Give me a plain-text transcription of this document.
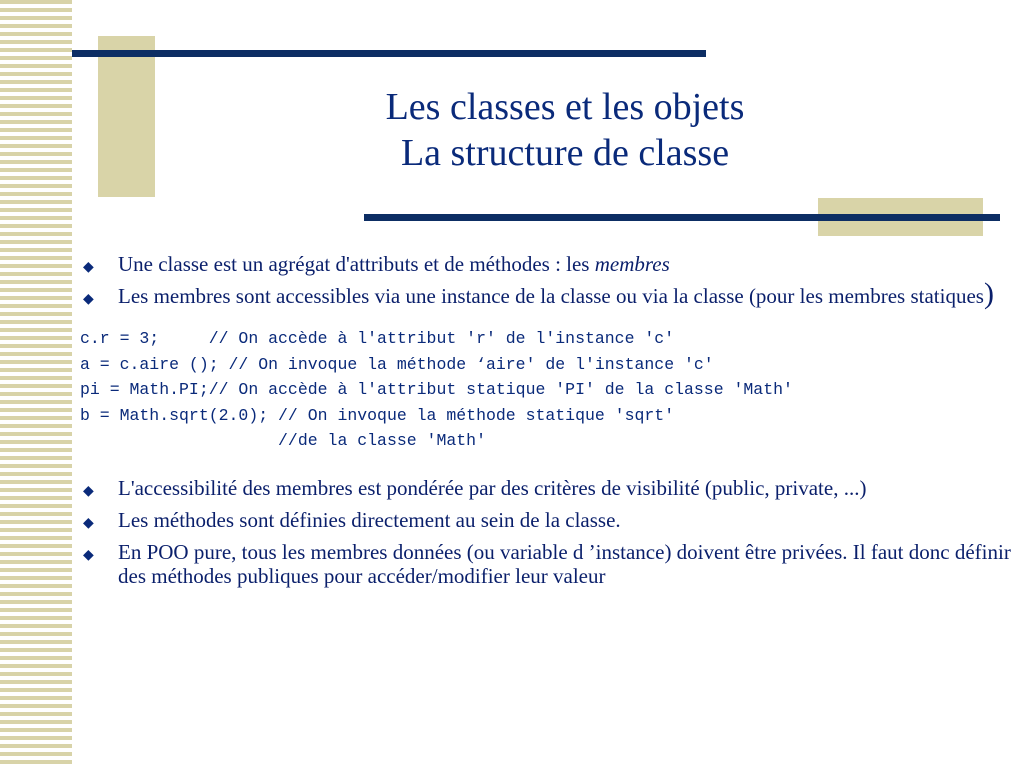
Les classes et les objets
La structure de classe
◆ Une classe est un agrégat d'attributs et de méthodes : les membres
◆ Les membres sont accessibles via une instance de la classe ou via la classe (pour les membres statiques)
c.r = 3;     // On accède à l'attribut 'r' de l'instance 'c'
a = c.aire (); // On invoque la méthode ‘aire' de l'instance 'c'
pi = Math.PI;// On accède à l'attribut statique 'PI' de la classe 'Math'
b = Math.sqrt(2.0); // On invoque la méthode statique 'sqrt'
//de la classe 'Math'
◆ L'accessibilité des membres est pondérée par des critères de visibilité (public, private, ...)
◆ Les méthodes sont définies directement au sein de la classe.
◆ En POO pure, tous les membres données (ou variable d ’instance) doivent être privées. Il faut donc définir des méthodes publiques pour accéder/modifier leur valeur
